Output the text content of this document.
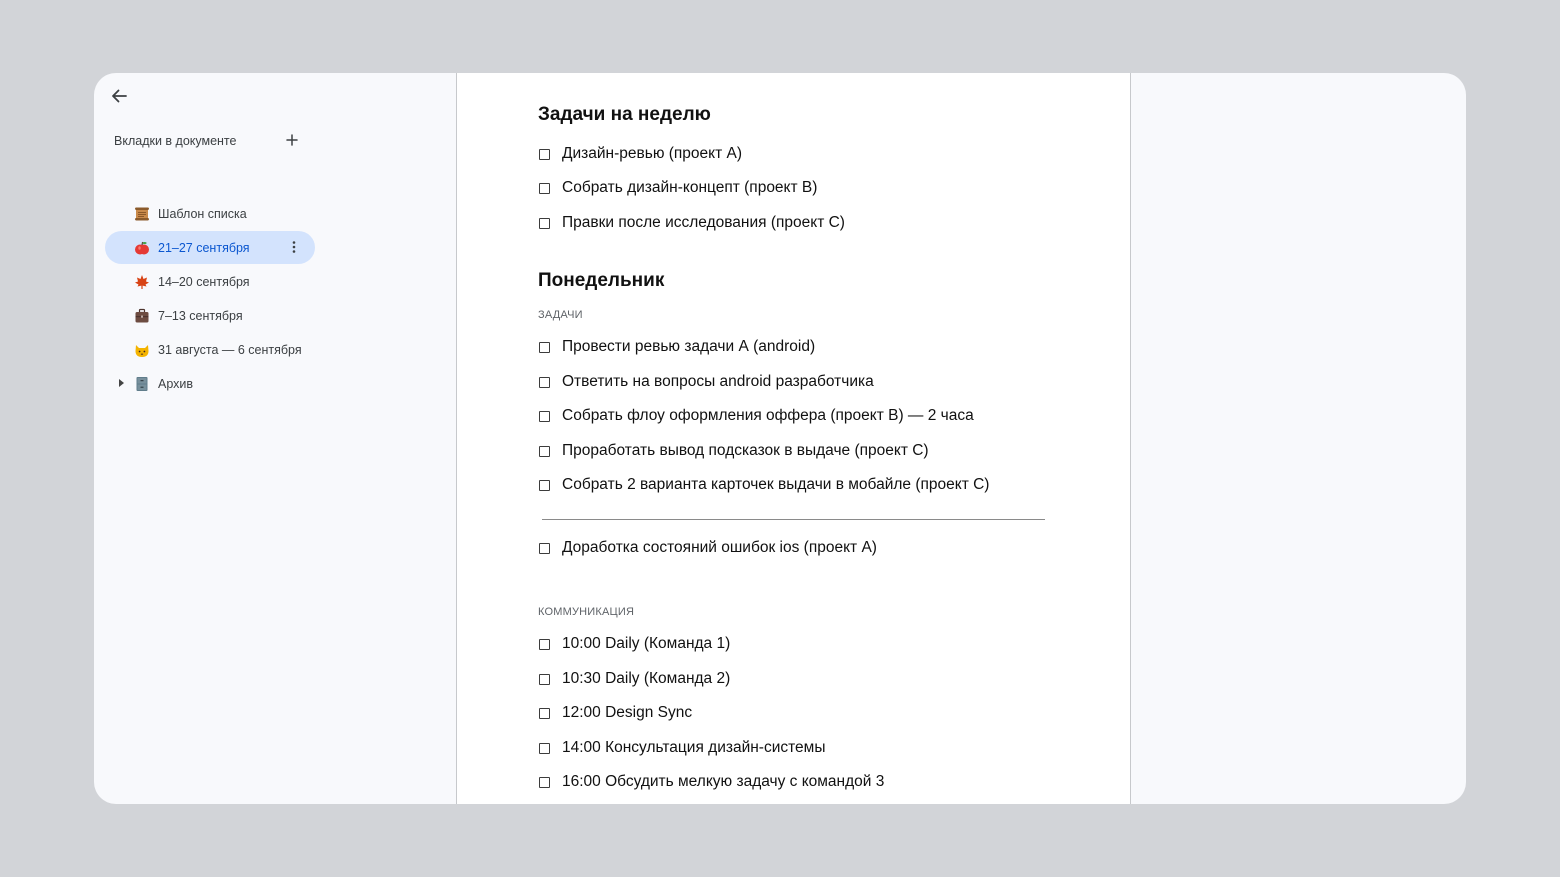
Вкладки в документе
Шаблон списка
21–27 сентября
14–20 сентября
7–13 сентября
31 августа — 6 сентября
Архив
Задачи на неделю
Дизайн-ревью (проект А)
Собрать дизайн-концепт (проект В)
Правки после исследования (проект С)
Понедельник
ЗАДАЧИ
Провести ревью задачи А (android)
Ответить на вопросы android разработчика
Собрать флоу оформления оффера (проект В) — 2 часа
Проработать вывод подсказок в выдаче (проект С)
Собрать 2 варианта карточек выдачи в мобайле (проект С)
Доработка состояний ошибок ios (проект А)
КОММУНИКАЦИЯ
10:00 Daily (Команда 1)
10:30 Daily (Команда 2)
12:00 Design Sync
14:00 Консультация дизайн-системы
16:00 Обсудить мелкую задачу с командой 3
